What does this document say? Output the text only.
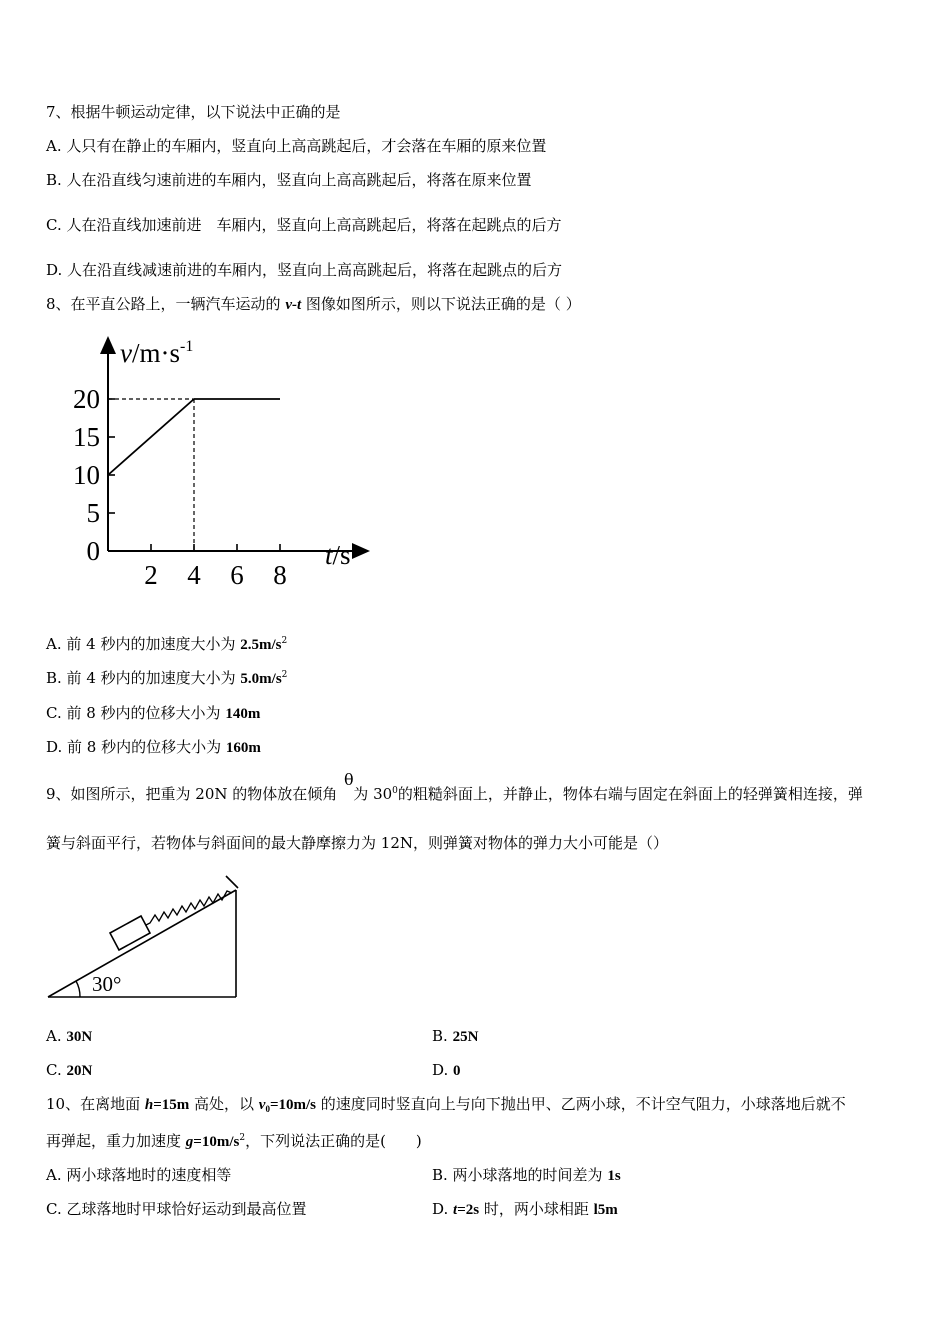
7、根据牛顿运动定律，以下说法中正确的是
A. 人只有在静止的车厢内，竖直向上高高跳起后，才会落在车厢的原来位置
B. 人在沿直线匀速前进的车厢内，竖直向上高高跳起后，将落在原来位置
C. 人在沿直线加速前进　车厢内，竖直向上高高跳起后，将落在起跳点的后方
D. 人在沿直线减速前进的车厢内，竖直向上高高跳起后，将落在起跳点的后方
8、在平直公路上，一辆汽车运动的 v-t 图像如图所示，则以下说法正确的是（ ）
$v/m\cdot s^{-1}$
t/s
2 4 6 8
0
5
10
15
20
A. 前 4 秒内的加速度大小为 $2.5m/s^2$
B. 前 4 秒内的加速度大小为 $5.0m/s^2$
C. 前 8 秒内的位移大小为 140m
D. 前 8 秒内的位移大小为 160m
θ
9、如图所示，把重为 20N 的物体放在倾角 为 $30^0$的粗糙斜面上，并静止，物体右端与固定在斜面上的轻弹簧相连接，弹
簧与斜面平行，若物体与斜面间的最大静摩擦力为 12N，则弹簧对物体的弹力大小可能是（）
30°
A. 30N	B. 25N
C. 20N	D. 0
10、在离地面 h=15m 高处，以 $v_0=10m/s$ 的速度同时竖直向上与向下抛出甲、乙两小球，不计空气阻力，小球落地后就不
再弹起，重力加速度 $g=10m/s^2$，下列说法正确的是(　　)
A. 两小球落地时的速度相等	B. 两小球落地的时间差为 1s
C. 乙球落地时甲球恰好运动到最高位置	D. t=2s 时，两小球相距 l5m
